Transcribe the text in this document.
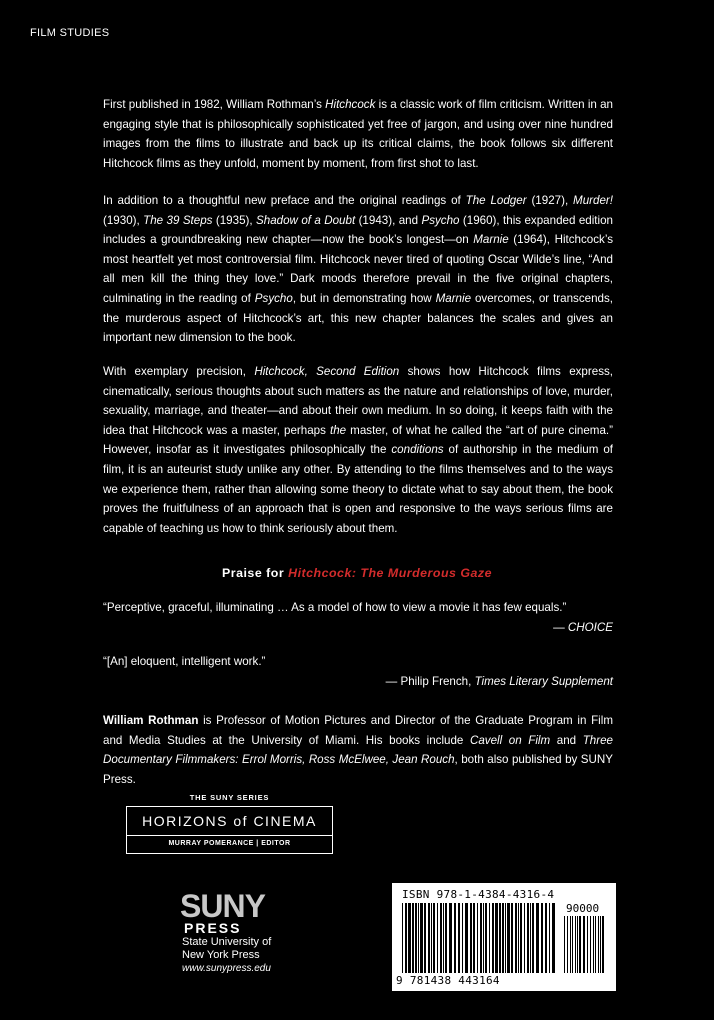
FILM STUDIES

First published in 1982, William Rothman’s Hitchcock is a classic work of film criticism. Written in an engaging style that is philosophically sophisticated yet free of jargon, and using over nine hundred images from the films to illustrate and back up its critical claims, the book follows six different Hitchcock films as they unfold, moment by moment, from first shot to last.

In addition to a thoughtful new preface and the original readings of The Lodger (1927), Murder! (1930), The 39 Steps (1935), Shadow of a Doubt (1943), and Psycho (1960), this expanded edition includes a groundbreaking new chapter—now the book’s longest—on Marnie (1964), Hitchcock’s most heartfelt yet most controversial film. Hitchcock never tired of quoting Oscar Wilde’s line, “And all men kill the thing they love.” Dark moods therefore prevail in the five original chapters, culminating in the reading of Psycho, but in demonstrating how Marnie overcomes, or transcends, the murderous aspect of Hitchcock’s art, this new chapter balances the scales and gives an important new dimension to the book.

With exemplary precision, Hitchcock, Second Edition shows how Hitchcock films express, cinematically, serious thoughts about such matters as the nature and relationships of love, murder, sexuality, marriage, and theater—and about their own medium. In so doing, it keeps faith with the idea that Hitchcock was a master, perhaps the master, of what he called the “art of pure cinema.” However, insofar as it investigates philosophically the conditions of authorship in the medium of film, it is an auteurist study unlike any other. By attending to the films themselves and to the ways we experience them, rather than allowing some theory to dictate what to say about them, the book proves the fruitfulness of an approach that is open and responsive to the ways serious films are capable of teaching us how to think seriously about them.

Praise for Hitchcock: The Murderous Gaze

“Perceptive, graceful, illuminating … As a model of how to view a movie it has few equals.”
— CHOICE

“[An] eloquent, intelligent work.”
— Philip French, Times Literary Supplement

William Rothman is Professor of Motion Pictures and Director of the Graduate Program in Film and Media Studies at the University of Miami. His books include Cavell on Film and Three Documentary Filmmakers: Errol Morris, Ross McElwee, Jean Rouch, both also published by SUNY Press.

THE SUNY SERIES
HORIZONS of CINEMA
MURRAY POMERANCE | EDITOR
SUNY
PRESS
State University of
New York Press
www.sunypress.edu
ISBN 978-1-4384-4316-4
90000
9 781438 443164
